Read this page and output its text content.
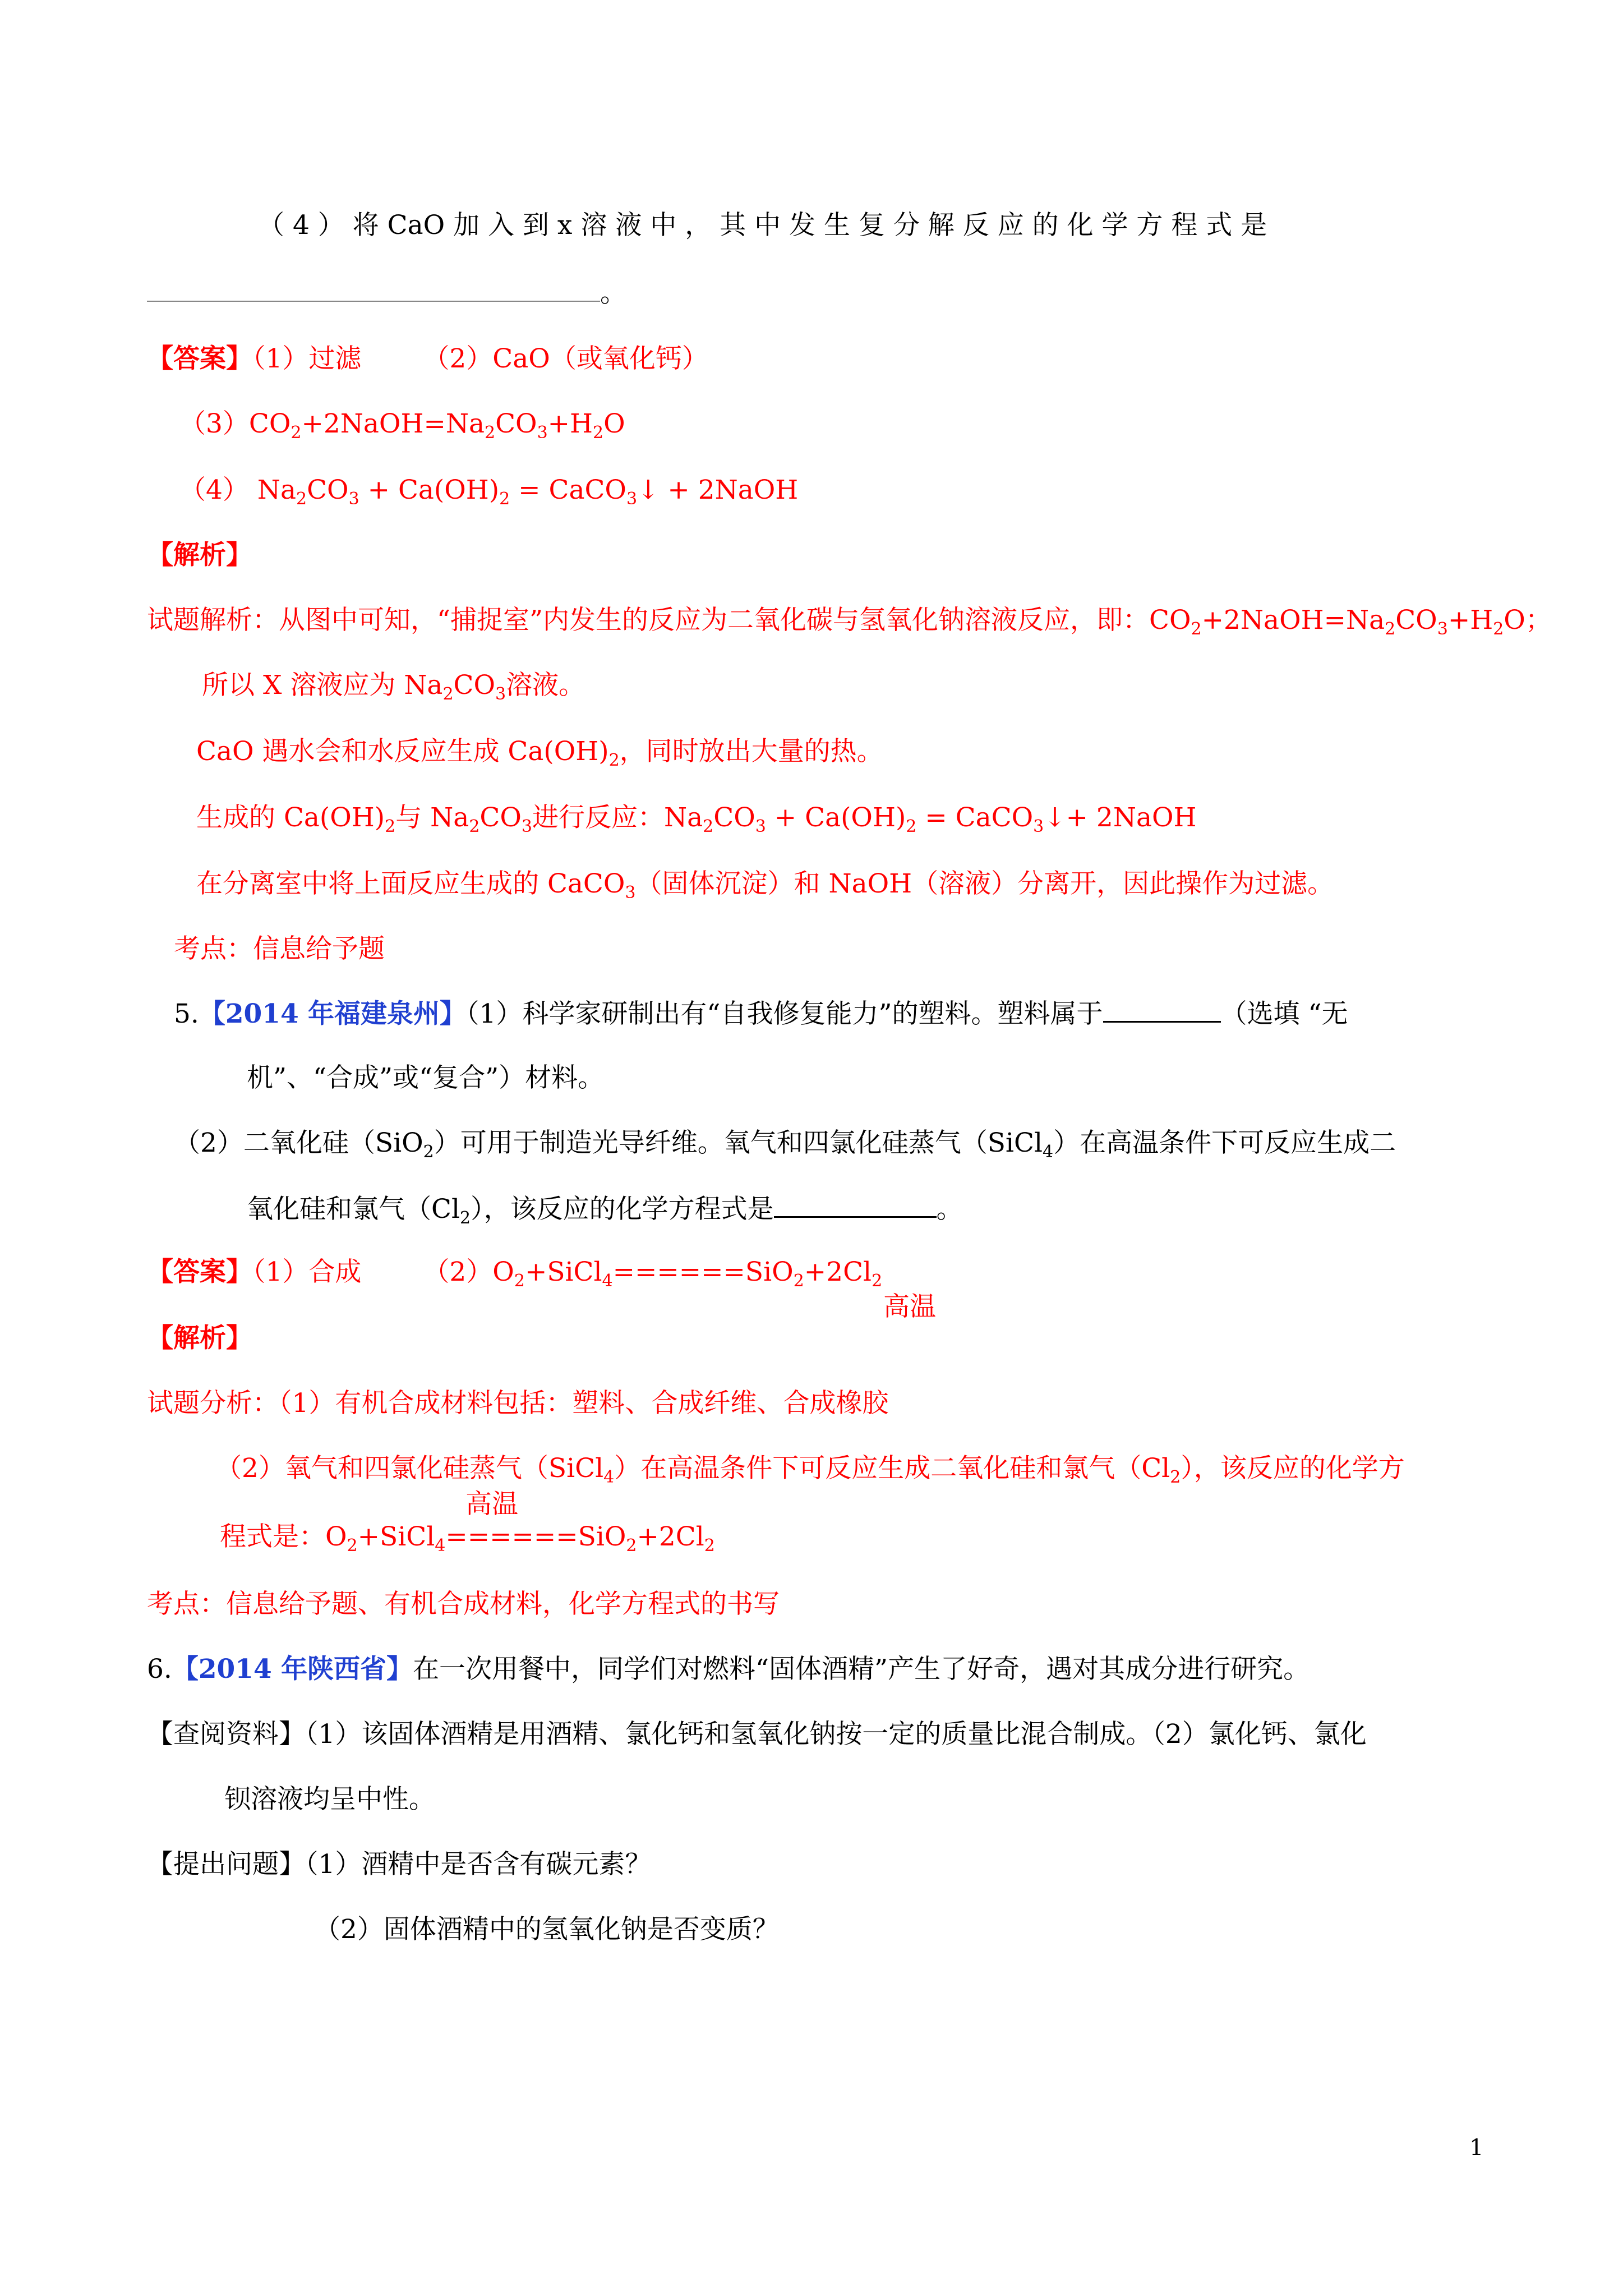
（ 4 ） 将 CaO 加 入 到 x 溶 液 中 ， 其 中 发 生 复 分 解 反 应 的 化 学 方 程 式 是
。
【答案】（1）过滤 （2）CaO（或氧化钙）
$(3)CO_2+2NaOH=Na_2CO_3+H_2O$
（4） $Na_2CO_3 + Ca(OH)_2$ = CaCO$_3$↓ + 2NaOH
【解析】
试题解析：从图中可知，“捕捉室”内发生的反应为二氧化碳与氢氧化钠溶液反应，即：$CO_2+2NaOH=Na_2CO_3+H_2O$；
所以 X 溶液应为 $Na_2CO_3$溶液。
CaO 遇水会和水反应生成 $Ca(OH)_2$，同时放出大量的热。
生成的 $Ca(OH)_2$与 $Na_2CO_3$进行反应：$Na_2CO_3 + Ca(OH)_2$ = CaCO$_3$↓+ 2NaOH
在分离室中将上面反应生成的 CaCO$_3$（固体沉淀）和 NaOH（溶液）分离开，因此操作为过滤。
考点：信息给予题
5.【2014 年福建泉州】（1）科学家研制出有“自我修复能力”的塑料。塑料属于	（选填 “无
机”、“合成”或“复合”）材料。
（2）二氧化硅（SiO$_2$）可用于制造光导纤维。氧气和四氯化硅蒸气（SiCl$_4$）在高温条件下可反应生成二
氧化硅和氯气$(Cl_2)$，该反应的化学方程式是	。
【答案】（1）合成 $(2)O_2+SiCl_4======SiO_2+2Cl_2$
高温
【解析】
试题分析：（1）有机合成材料包括：塑料、合成纤维、合成橡胶
（2）氧气和四氯化硅蒸气（SiCl$_4$）在高温条件下可反应生成二氧化硅和氯气$(Cl_2)$，该反应的化学方
高温
程式是：$O_2+SiCl_4======SiO_2+2Cl_2$
考点：信息给予题、有机合成材料，化学方程式的书写
6.【2014 年陕西省】在一次用餐中，同学们对燃料“固体酒精”产生了好奇，遇对其成分进行研究。
【查阅资料】（1）该固体酒精是用酒精、氯化钙和氢氧化钠按一定的质量比混合制成。（2）氯化钙、氯化
钡溶液均呈中性。
【提出问题】（1）酒精中是否含有碳元素？
（2）固体酒精中的氢氧化钠是否变质？
1
